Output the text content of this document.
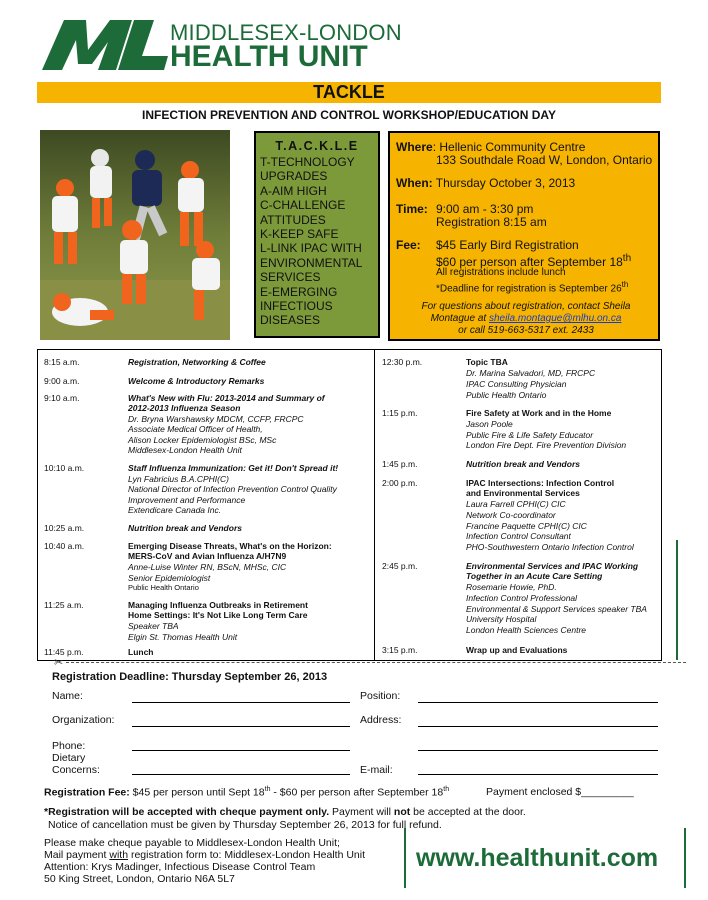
MIDDLESEX-LONDON
HEALTH UNIT
TACKLE
INFECTION PREVENTION AND CONTROL WORKSHOP/EDUCATION DAY
T.A.C.K.L.E
T-TECHNOLOGY
UPGRADES
A-AIM HIGH
C-CHALLENGE
ATTITUDES
K-KEEP SAFE
L-LINK IPAC WITH
ENVIRONMENTAL
SERVICES
E-EMERGING
INFECTIOUS
DISEASES
Where: Hellenic Community Centre
133 Southdale Road W, London, Ontario
When: Thursday October 3, 2013
Time: 9:00 am - 3:30 pm
Registration 8:15 am
Fee: $45 Early Bird Registration
$60 per person after September 18th
All registrations include lunch
*Deadline for registration is September 26th
For questions about registration, contact Sheila
Montague at sheila.montague@mlhu.on.ca
or call 519-663-5317 ext. 2433
8:15 a.m.	Registration, Networking & Coffee
9:00 a.m.	Welcome & Introductory Remarks
9:10 a.m.	What's New with Flu: 2013-2014 and Summary of
2012-2013 Influenza Season
Dr. Bryna Warshawsky MDCM, CCFP, FRCPC
Associate Medical Officer of Health,
Alison Locker Epidemiologist BSc, MSc
Middlesex-London Health Unit
10:10 a.m.	Staff Influenza Immunization: Get it! Don't Spread it!
Lyn Fabricius B.A.CPHI(C)
National Director of Infection Prevention Control Quality
Improvement and Performance
Extendicare Canada Inc.
10:25 a.m.	Nutrition break and Vendors
10:40 a.m.	Emerging Disease Threats, What's on the Horizon:
MERS-CoV and Avian Influenza A/H7N9
Anne-Luise Winter RN, BScN, MHSc, CIC
Senior Epidemiologist
Public Health Ontario
11:25 a.m.	Managing Influenza Outbreaks in Retirement
Home Settings: It's Not Like Long Term Care
Speaker TBA
Elgin St. Thomas Health Unit
11:45 p.m.	Lunch
12:30 p.m.	Topic TBA
Dr. Marina Salvadori, MD, FRCPC
IPAC Consulting Physician
Public Health Ontario
1:15 p.m.	Fire Safety at Work and in the Home
Jason Poole
Public Fire & Life Safety Educator
London Fire Dept. Fire Prevention Division
1:45 p.m.	Nutrition break and Vendors
2:00 p.m.	IPAC Intersections: Infection Control
and Environmental Services
Laura Farrell CPHI(C) CIC
Network Co-coordinator
Francine Paquette CPHI(C) CIC
Infection Control Consultant
PHO-Southwestern Ontario Infection Control
2:45 p.m.	Environmental Services and IPAC Working
Together in an Acute Care Setting
Rosemarie Howie, PhD.
Infection Control Professional
Environmental & Support Services speaker TBA
University Hospital
London Health Sciences Centre
3:15 p.m.	Wrap up and Evaluations
✂
Registration Deadline: Thursday September 26, 2013
Name:	Position:
Organization:	Address:
Phone:
Dietary
Concerns:	E-mail:
Registration Fee: $45 per person until Sept 18th - $60 per person after September 18th	Payment enclosed $_________
*Registration will be accepted with cheque payment only. Payment will not be accepted at the door.
Notice of cancellation must be given by Thursday September 26, 2013 for full refund.
Please make cheque payable to Middlesex-London Health Unit;
Mail payment with registration form to: Middlesex-London Health Unit
Attention: Krys Madinger, Infectious Disease Control Team
50 King Street, London, Ontario N6A 5L7
www.healthunit.com
